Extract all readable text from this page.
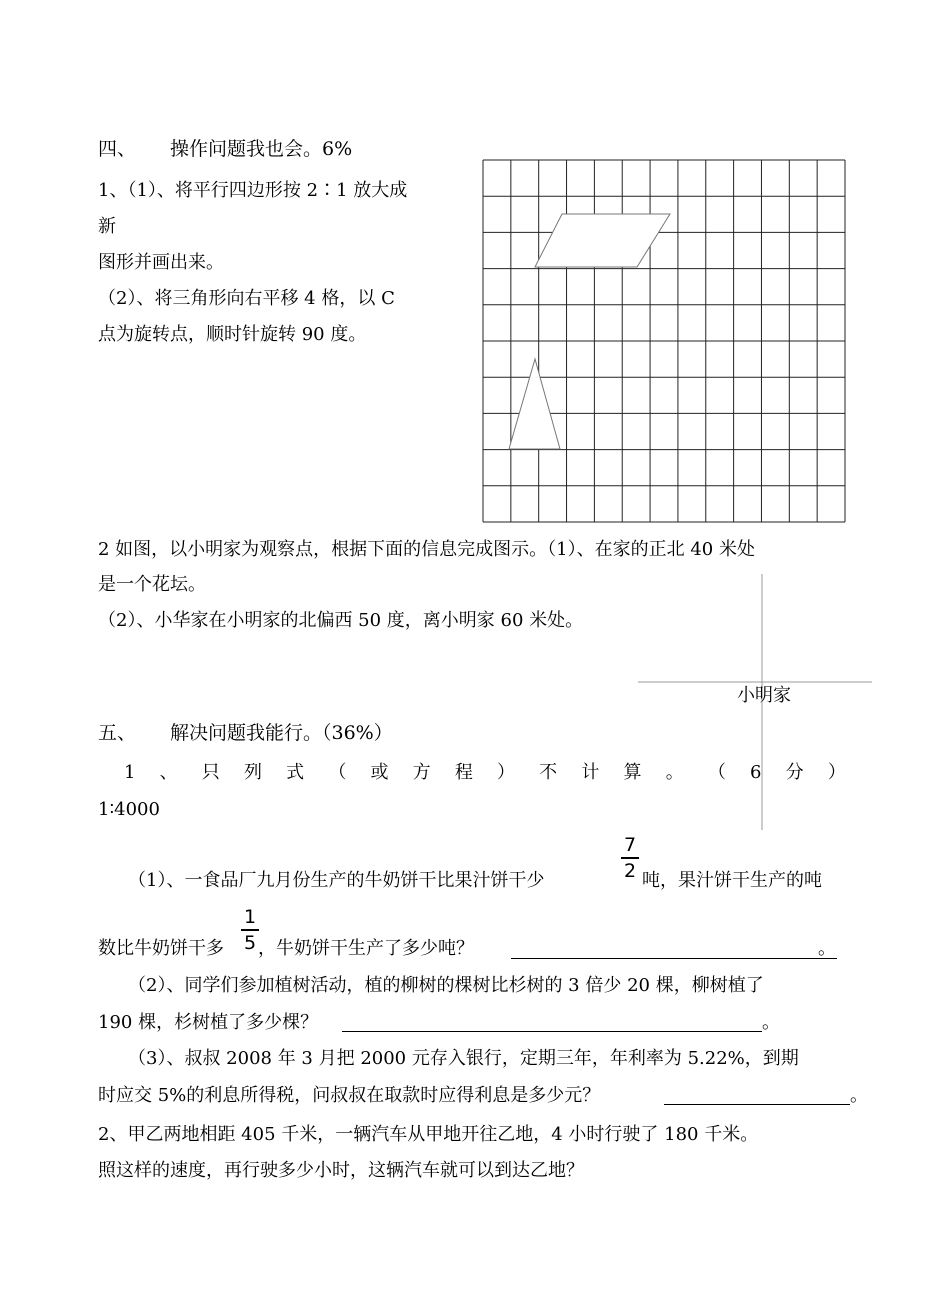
四、 操作问题我也会。6%
1、（1）、将平行四边形按 2∶1 放大成
新
图形并画出来。
（2）、将三角形向右平移 4 格，以 C
点为旋转点，顺时针旋转 90 度。
2 如图，以小明家为观察点，根据下面的信息完成图示。（1）、在家的正北 40 米处
是一个花坛。
（2）、小华家在小明家的北偏西 50 度，离小明家 60 米处。
小明家
五、 解决问题我能行。（36%）
1 、 只 列 式 （ 或 方 程 ） 不 计 算 。 （ 6 分 ）
1∶4000
7
2
（1）、一食品厂九月份生产的牛奶饼干比果汁饼干少	吨，果汁饼干生产的吨
1
5
数比牛奶饼干多 ，牛奶饼干生产了多少吨？	。
（2）、同学们参加植树活动，植的柳树的棵树比杉树的 3 倍少 20 棵，柳树植了
190 棵，杉树植了多少棵？	。
（3）、叔叔 2008 年 3 月把 2000 元存入银行，定期三年，年利率为 5.22%，到期
时应交 5%的利息所得税，问叔叔在取款时应得利息是多少元？	。
2、甲乙两地相距 405 千米，一辆汽车从甲地开往乙地，4 小时行驶了 180 千米。
照这样的速度，再行驶多少小时，这辆汽车就可以到达乙地？
